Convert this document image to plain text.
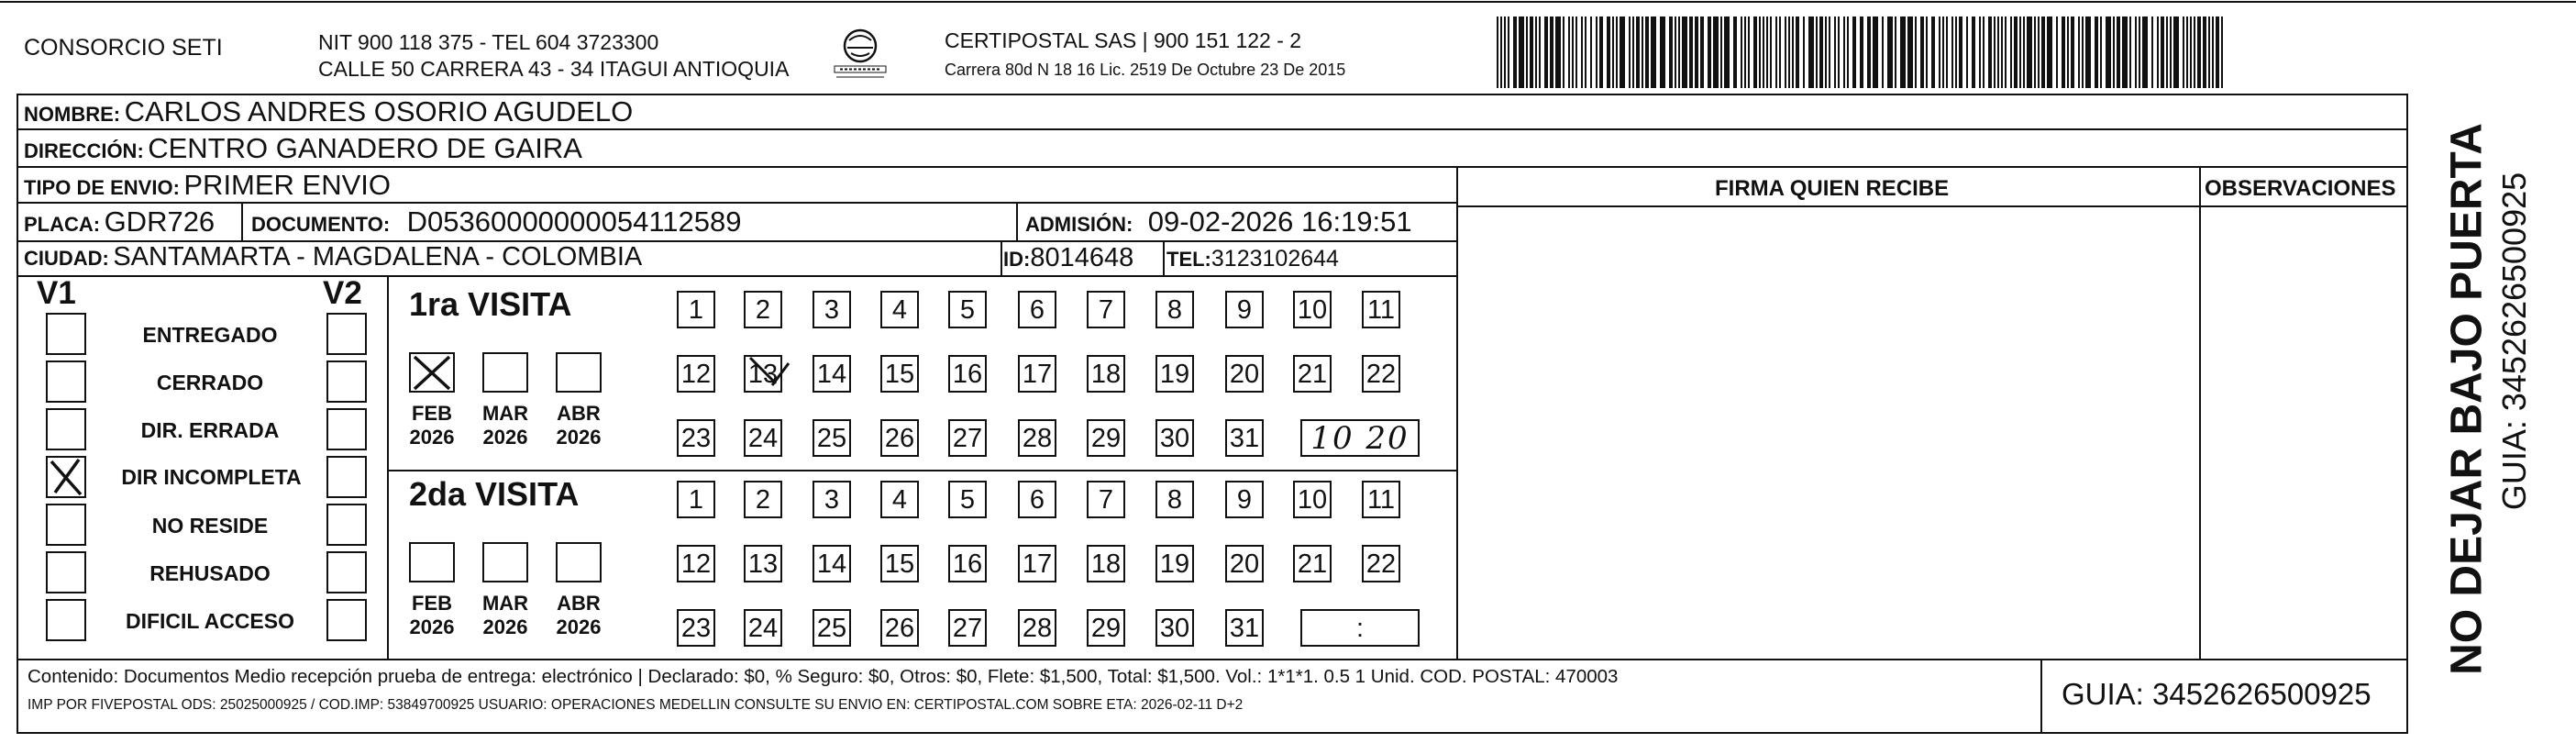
CONSORCIO SETI	NIT 900 118 375 - TEL 604 3723300
CALLE 50 CARRERA 43 - 34 ITAGUI ANTIOQUIA
CERTIPOSTAL SAS | 900 151 122 - 2
Carrera 80d N 18 16 Lic. 2519 De Octubre 23 De 2015
NOMBRE: CARLOS ANDRES OSORIO AGUDELO
DIRECCIÓN: CENTRO GANADERO DE GAIRA
TIPO DE ENVIO: PRIMER ENVIO
PLACA: GDR726 DOCUMENTO: D05360000000054112589	ADMISIÓN: 09-02-2026 16:19:51
CIUDAD: SANTAMARTA - MAGDALENA - COLOMBIA	ID:8014648 TEL:3123102644
FIRMA QUIEN RECIBE	OBSERVACIONES
V1	V2
ENTREGADO
CERRADO
DIR. ERRADA
DIR INCOMPLETA
NO RESIDE
REHUSADO
DIFICIL ACCESO
1ra VISITA
FEB
2026
MAR
2026
ABR
2026
1	2	3	4	5	6	7	8	9	10 11
12 13 14 15 16 17 18 19 20 21 22
23 24 25 26 27 28 29 30 31	10 20
2da VISITA
FEB
2026
MAR
2026
ABR
2026
1	2	3	4	5	6	7	8	9	10 11
12 13 14 15 16 17 18 19 20 21 22
23 24 25 26 27 28 29 30 31	:
Contenido: Documentos Medio recepción prueba de entrega: electrónico | Declarado: $0, % Seguro: $0, Otros: $0, Flete: $1,500, Total: $1,500. Vol.: 1*1*1. 0.5 1 Unid. COD. POSTAL: 470003
IMP POR FIVEPOSTAL ODS: 25025000925 / COD.IMP: 53849700925 USUARIO: OPERACIONES MEDELLIN CONSULTE SU ENVIO EN: CERTIPOSTAL.COM SOBRE ETA: 2026-02-11 D+2	GUIA: 3452626500925
NO DEJAR BAJO PUERTA GUIA: 3452626500925
